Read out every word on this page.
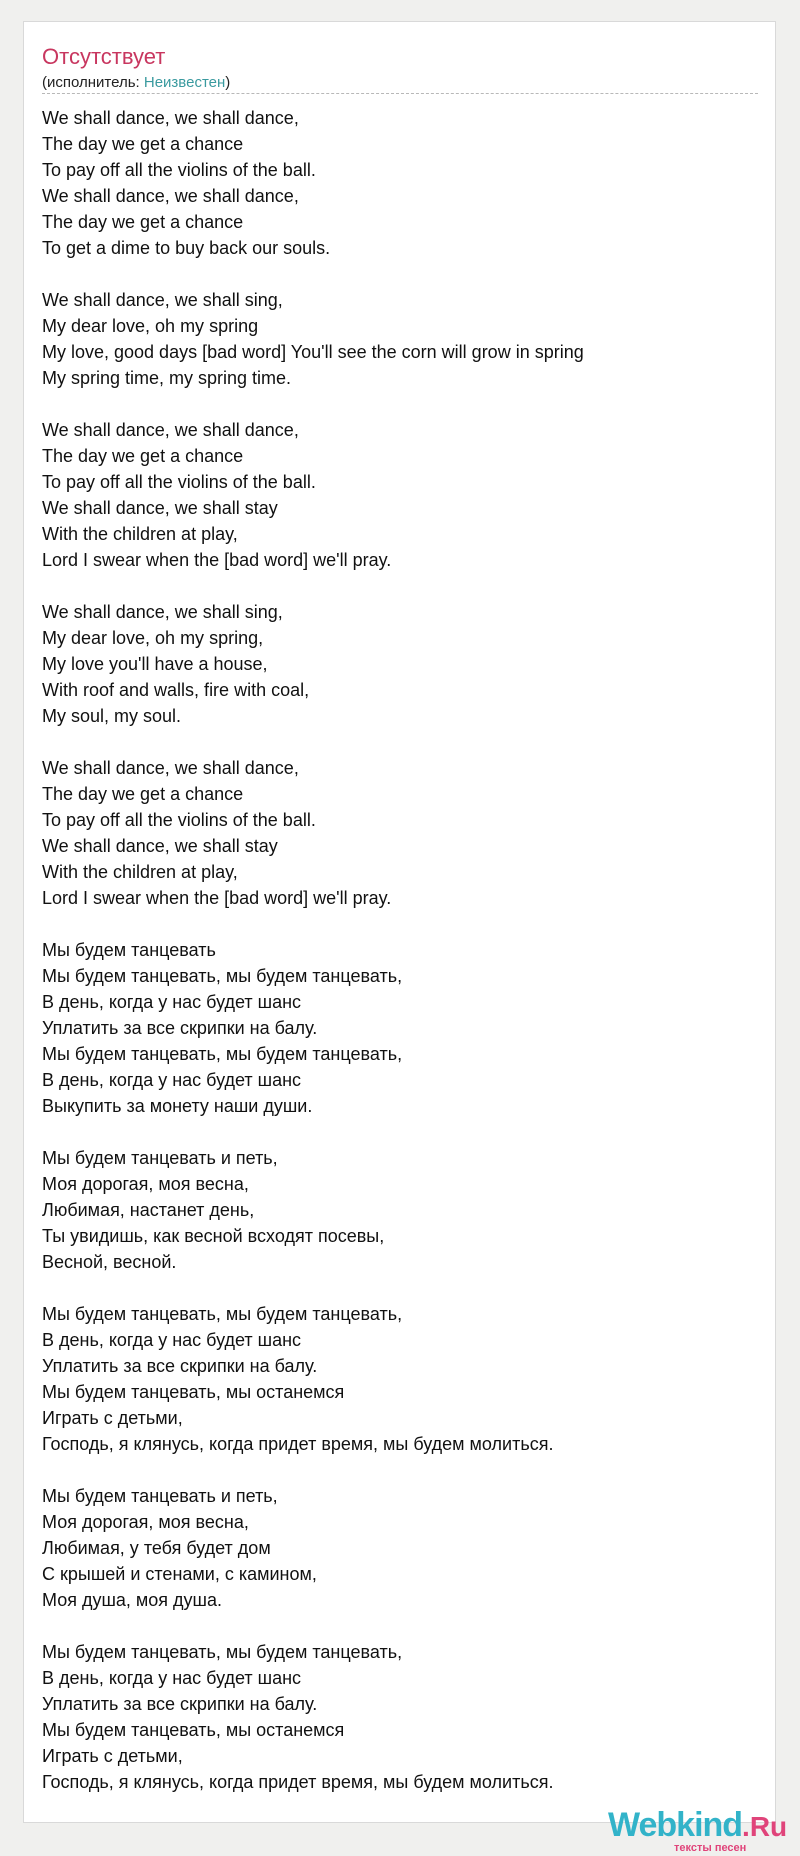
Отсутствует
(исполнитель: Неизвестен)
We shall dance, we shall dance,
The day we get a chance
To pay off all the violins of the ball.
We shall dance, we shall dance,
The day we get a chance
To get a dime to buy back our souls.
We shall dance, we shall sing,
My dear love, oh my spring
My love, good days [bad word] You'll see the corn will grow in spring
My spring time, my spring time.
We shall dance, we shall dance,
The day we get a chance
To pay off all the violins of the ball.
We shall dance, we shall stay
With the children at play,
Lord I swear when the [bad word] we'll pray.
We shall dance, we shall sing,
My dear love, oh my spring,
My love you'll have a house,
With roof and walls, fire with coal,
My soul, my soul.
We shall dance, we shall dance,
The day we get a chance
To pay off all the violins of the ball.
We shall dance, we shall stay
With the children at play,
Lord I swear when the [bad word] we'll pray.
Мы будем танцевать
Мы будем танцевать, мы будем танцевать,
В день, когда у нас будет шанс
Уплатить за все скрипки на балу.
Мы будем танцевать, мы будем танцевать,
В день, когда у нас будет шанс
Выкупить за монету наши души.
Мы будем танцевать и петь,
Моя дорогая, моя весна,
Любимая, настанет день,
Ты увидишь, как весной всходят посевы,
Весной, весной.
Мы будем танцевать, мы будем танцевать,
В день, когда у нас будет шанс
Уплатить за все скрипки на балу.
Мы будем танцевать, мы останемся
Играть с детьми,
Господь, я клянусь, когда придет время, мы будем молиться.
Мы будем танцевать и петь,
Моя дорогая, моя весна,
Любимая, у тебя будет дом
С крышей и стенами, с камином,
Моя душа, моя душа.
Мы будем танцевать, мы будем танцевать,
В день, когда у нас будет шанс
Уплатить за все скрипки на балу.
Мы будем танцевать, мы останемся
Играть с детьми,
Господь, я клянусь, когда придет время, мы будем молиться.
Webkind.Ru
тексты песен
